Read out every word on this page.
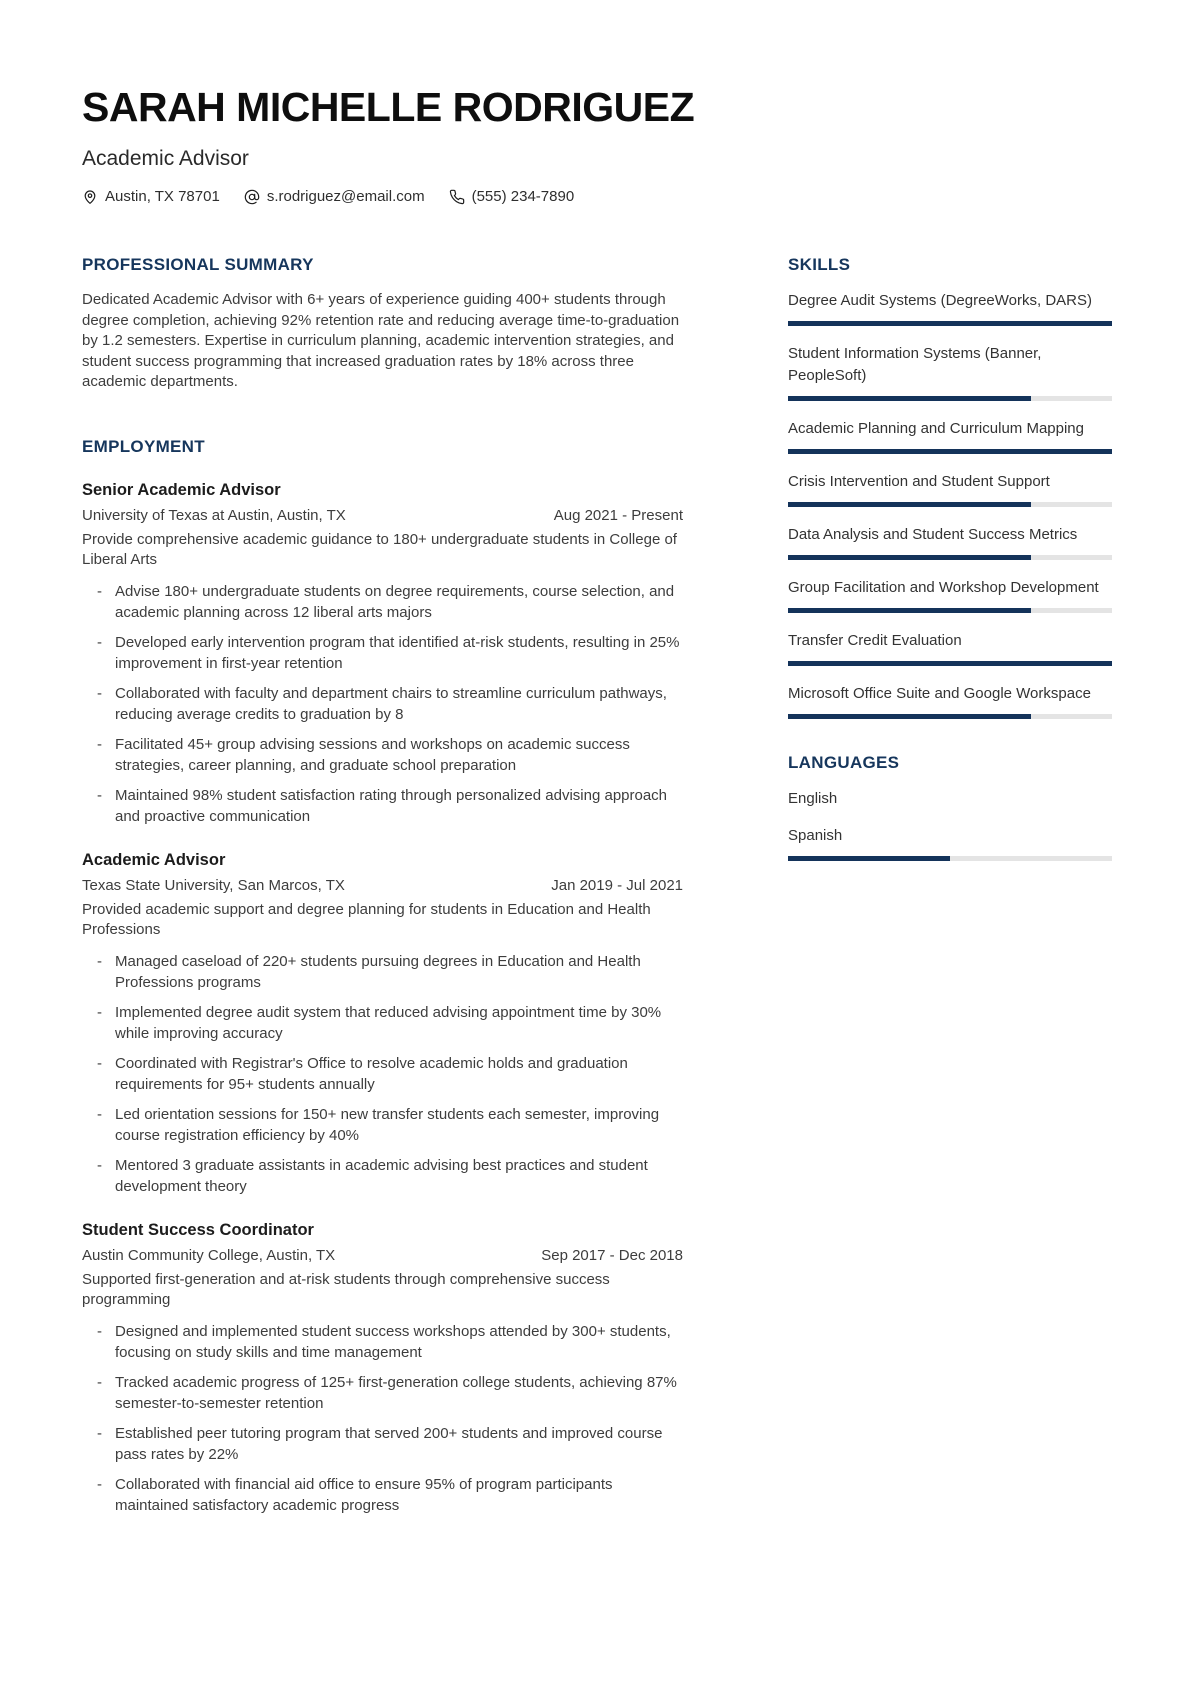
SARAH MICHELLE RODRIGUEZ
Academic Advisor
Austin, TX 78701	s.rodriguez@email.com	(555) 234-7890
PROFESSIONAL SUMMARY
Dedicated Academic Advisor with 6+ years of experience guiding 400+ students through degree completion, achieving 92% retention rate and reducing average time-to-graduation by 1.2 semesters. Expertise in curriculum planning, academic intervention strategies, and student success programming that increased graduation rates by 18% across three academic departments.
EMPLOYMENT
Senior Academic Advisor
University of Texas at Austin, Austin, TX	Aug 2021 - Present
Provide comprehensive academic guidance to 180+ undergraduate students in College of Liberal Arts
- Advise 180+ undergraduate students on degree requirements, course selection, and academic planning across 12 liberal arts majors
- Developed early intervention program that identified at-risk students, resulting in 25% improvement in first-year retention
- Collaborated with faculty and department chairs to streamline curriculum pathways, reducing average credits to graduation by 8
- Facilitated 45+ group advising sessions and workshops on academic success strategies, career planning, and graduate school preparation
- Maintained 98% student satisfaction rating through personalized advising approach and proactive communication
Academic Advisor
Texas State University, San Marcos, TX	Jan 2019 - Jul 2021
Provided academic support and degree planning for students in Education and Health Professions
- Managed caseload of 220+ students pursuing degrees in Education and Health Professions programs
- Implemented degree audit system that reduced advising appointment time by 30% while improving accuracy
- Coordinated with Registrar's Office to resolve academic holds and graduation requirements for 95+ students annually
- Led orientation sessions for 150+ new transfer students each semester, improving course registration efficiency by 40%
- Mentored 3 graduate assistants in academic advising best practices and student development theory
Student Success Coordinator
Austin Community College, Austin, TX	Sep 2017 - Dec 2018
Supported first-generation and at-risk students through comprehensive success programming
- Designed and implemented student success workshops attended by 300+ students, focusing on study skills and time management
- Tracked academic progress of 125+ first-generation college students, achieving 87% semester-to-semester retention
- Established peer tutoring program that served 200+ students and improved course pass rates by 22%
- Collaborated with financial aid office to ensure 95% of program participants maintained satisfactory academic progress
SKILLS
Degree Audit Systems (DegreeWorks, DARS)
Student Information Systems (Banner, PeopleSoft)
Academic Planning and Curriculum Mapping
Crisis Intervention and Student Support
Data Analysis and Student Success Metrics
Group Facilitation and Workshop Development
Transfer Credit Evaluation
Microsoft Office Suite and Google Workspace
LANGUAGES
English
Spanish
